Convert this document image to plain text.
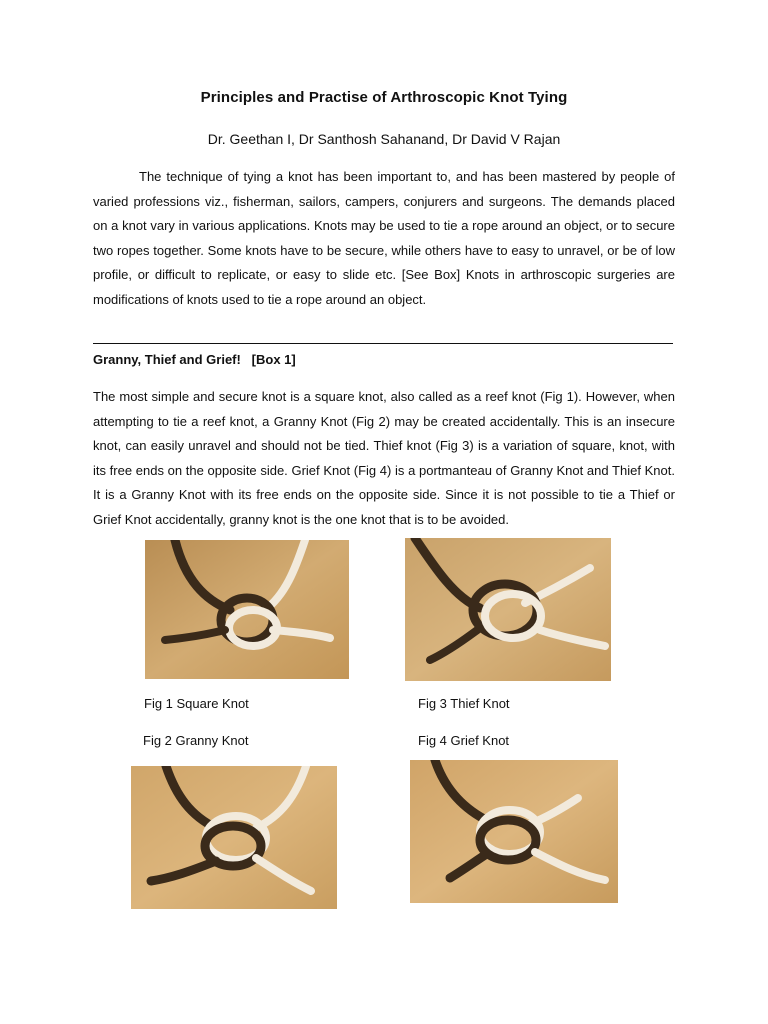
Principles and Practise of Arthroscopic Knot Tying
Dr. Geethan I, Dr Santhosh Sahanand, Dr David V Rajan

The technique of tying a knot has been important to, and has been mastered by people of varied professions viz., fisherman, sailors, campers, conjurers and surgeons. The demands placed on a knot vary in various applications. Knots may be used to tie a rope around an object, or to secure two ropes together. Some knots have to be secure, while others have to easy to unravel, or be of low profile, or difficult to replicate, or easy to slide etc. [See Box] Knots in arthroscopic surgeries are modifications of knots used to tie a rope around an object.

Granny, Thief and Grief!   [Box 1]

The most simple and secure knot is a square knot, also called as a reef knot (Fig 1). However, when attempting to tie a reef knot, a Granny Knot (Fig 2) may be created accidentally. This is an insecure knot, can easily unravel and should not be tied. Thief knot (Fig 3) is a variation of square, knot, with its free ends on the opposite side. Grief Knot (Fig 4) is a portmanteau of Granny Knot and Thief Knot. It is a Granny Knot with its free ends on the opposite side. Since it is not possible to tie a Thief or Grief Knot accidentally, granny knot is the one knot that is to be avoided.

Fig 1 Square Knot	Fig 3 Thief Knot
Fig 2 Granny Knot	Fig 4 Grief Knot
